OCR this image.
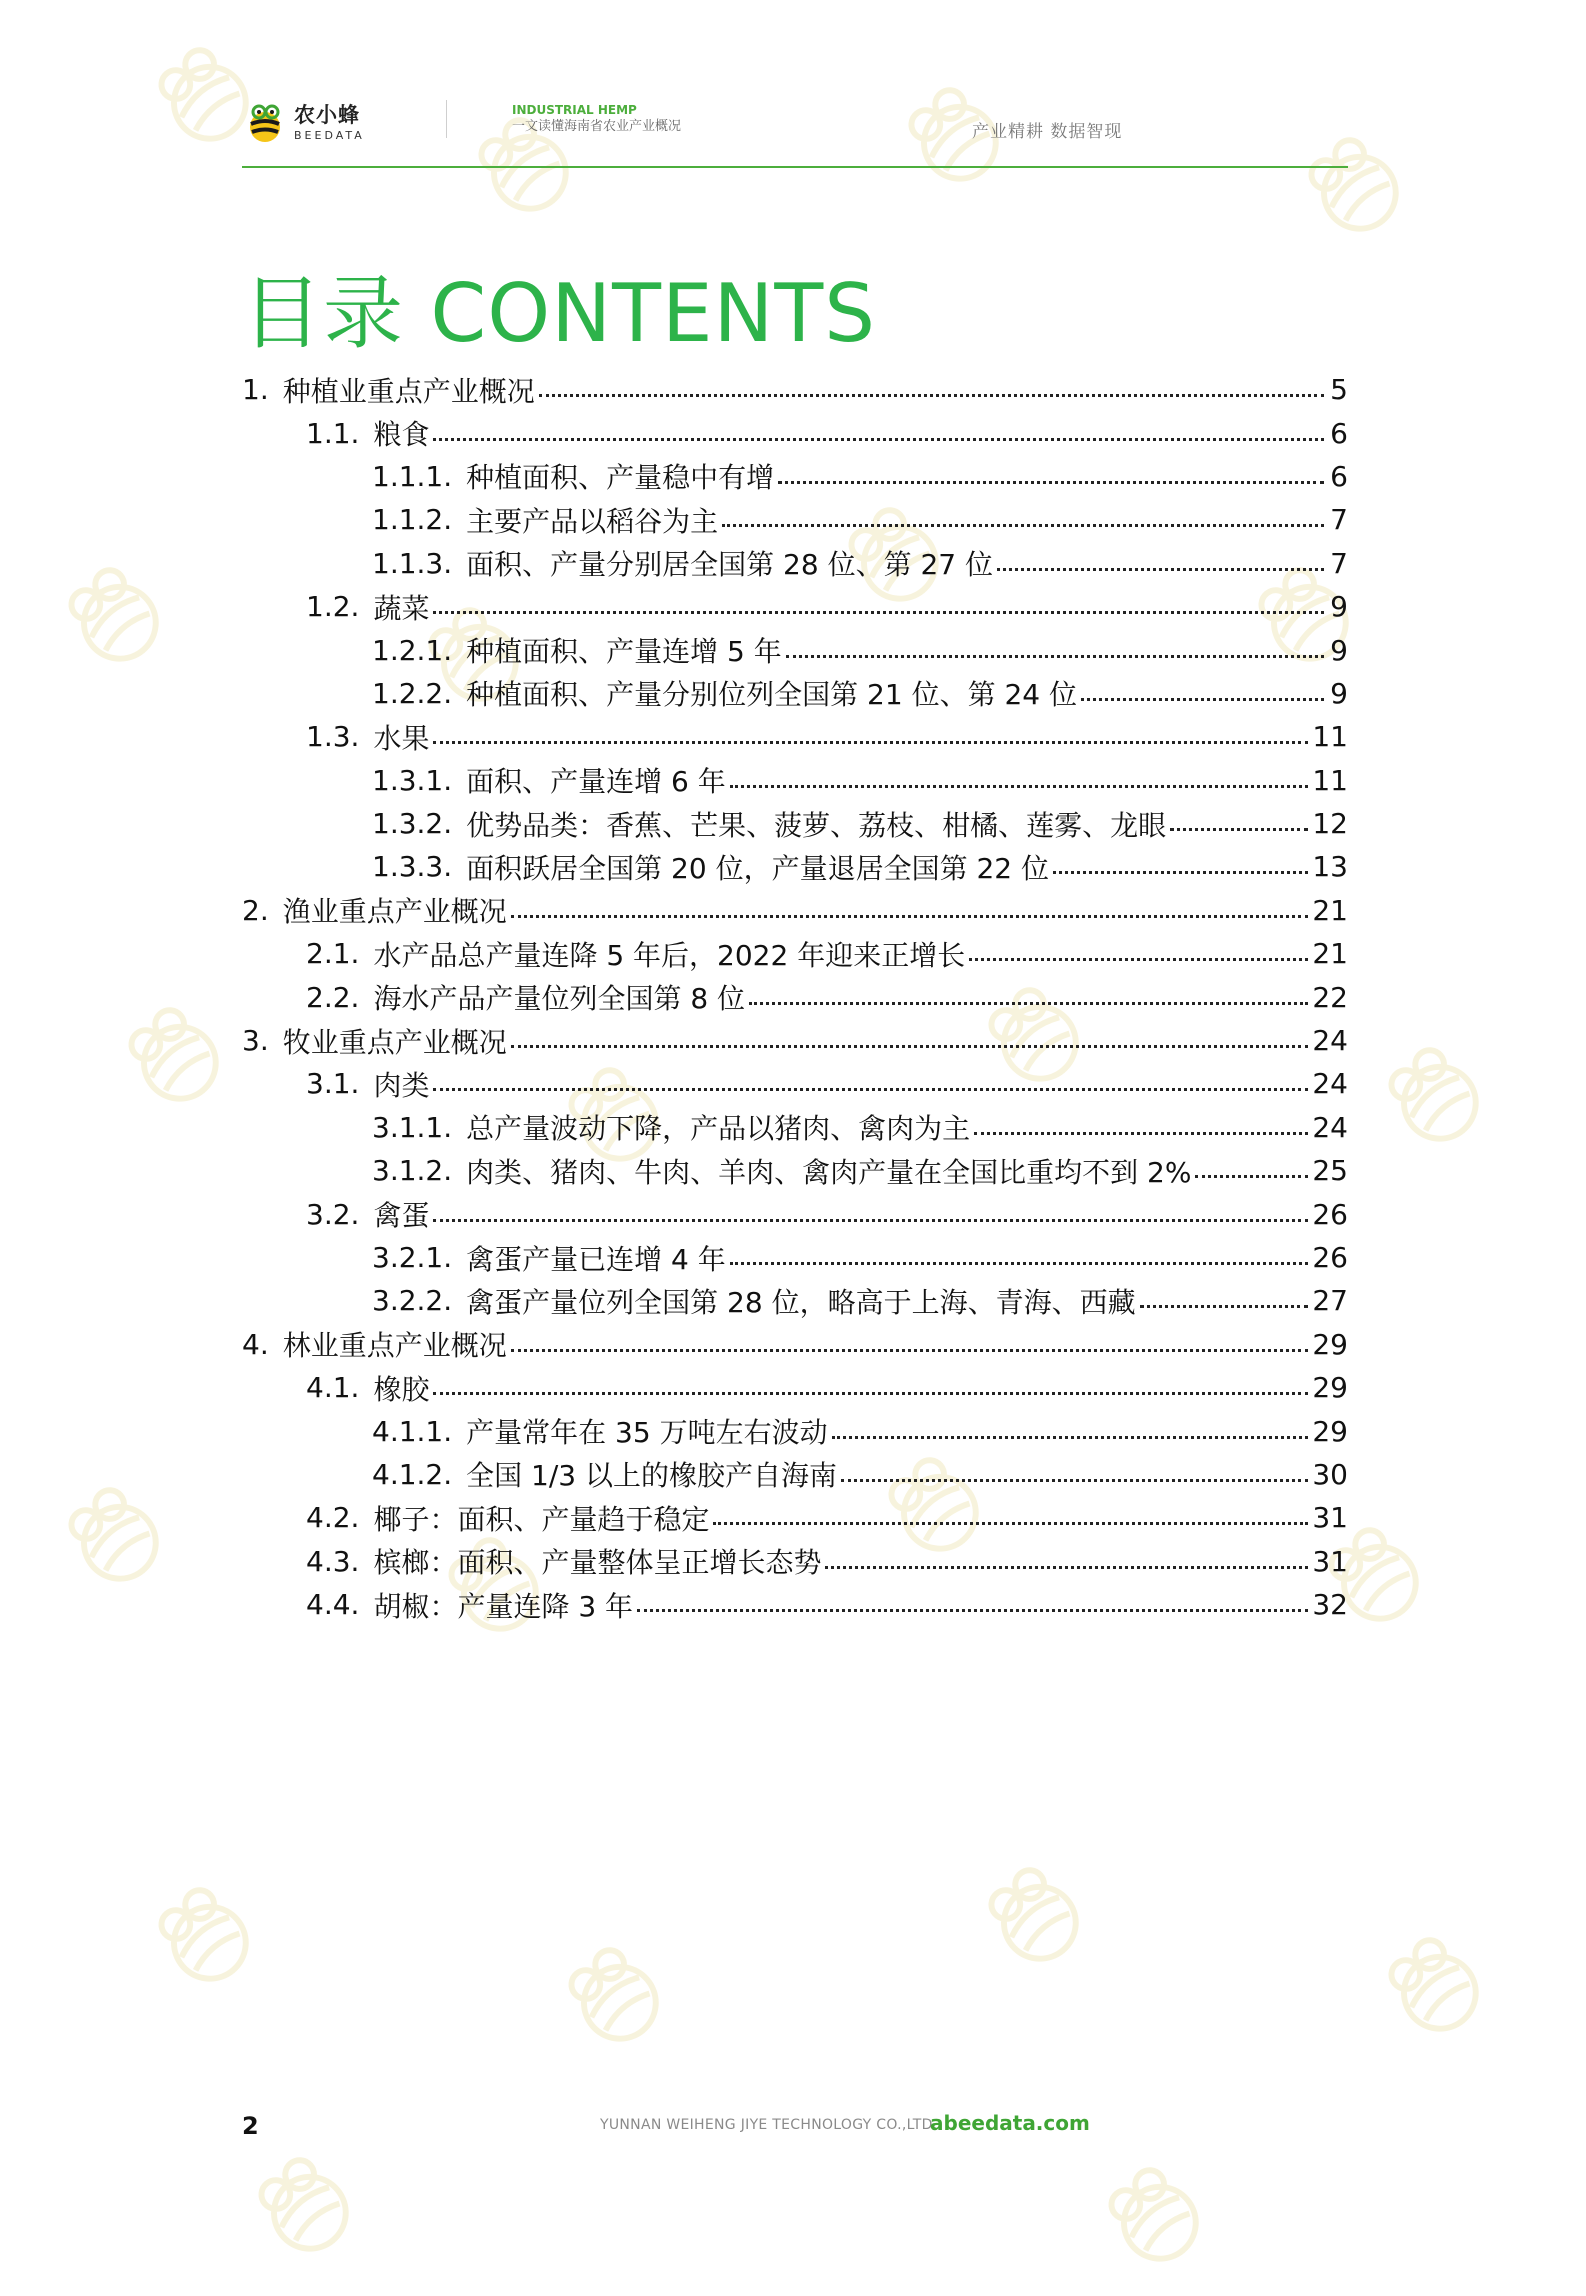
农小蜂
BEEDATA
INDUSTRIAL HEMP
一文读懂海南省农业产业概况	产业精耕 数据智现
目录 CONTENTS
1. 种植业重点产业概况	5
1.1. 粮食	6
1.1.1. 种植面积、产量稳中有增	6
1.1.2. 主要产品以稻谷为主	7
1.1.3. 面积、产量分别居全国第 28 位、第 27 位	7
1.2. 蔬菜	9
1.2.1. 种植面积、产量连增 5 年	9
1.2.2. 种植面积、产量分别位列全国第 21 位、第 24 位	9
1.3. 水果	11
1.3.1. 面积、产量连增 6 年	11
1.3.2. 优势品类：香蕉、芒果、菠萝、荔枝、柑橘、莲雾、龙眼	12
1.3.3. 面积跃居全国第 20 位，产量退居全国第 22 位	13
2. 渔业重点产业概况	21
2.1. 水产品总产量连降 5 年后，2022 年迎来正增长	21
2.2. 海水产品产量位列全国第 8 位	22
3. 牧业重点产业概况	24
3.1. 肉类	24
3.1.1. 总产量波动下降，产品以猪肉、禽肉为主	24
3.1.2. 肉类、猪肉、牛肉、羊肉、禽肉产量在全国比重均不到 2%	25
3.2. 禽蛋	26
3.2.1. 禽蛋产量已连增 4 年	26
3.2.2. 禽蛋产量位列全国第 28 位，略高于上海、青海、西藏	27
4. 林业重点产业概况	29
4.1. 橡胶	29
4.1.1. 产量常年在 35 万吨左右波动	29
4.1.2. 全国 1/3 以上的橡胶产自海南	30
4.2. 椰子：面积、产量趋于稳定	31
4.3. 槟榔：面积、产量整体呈正增长态势	31
4.4. 胡椒：产量连降 3 年	32
2	YUNNAN WEIHENG JIYE TECHNOLOGY CO.,LTD.
abeedata.com
